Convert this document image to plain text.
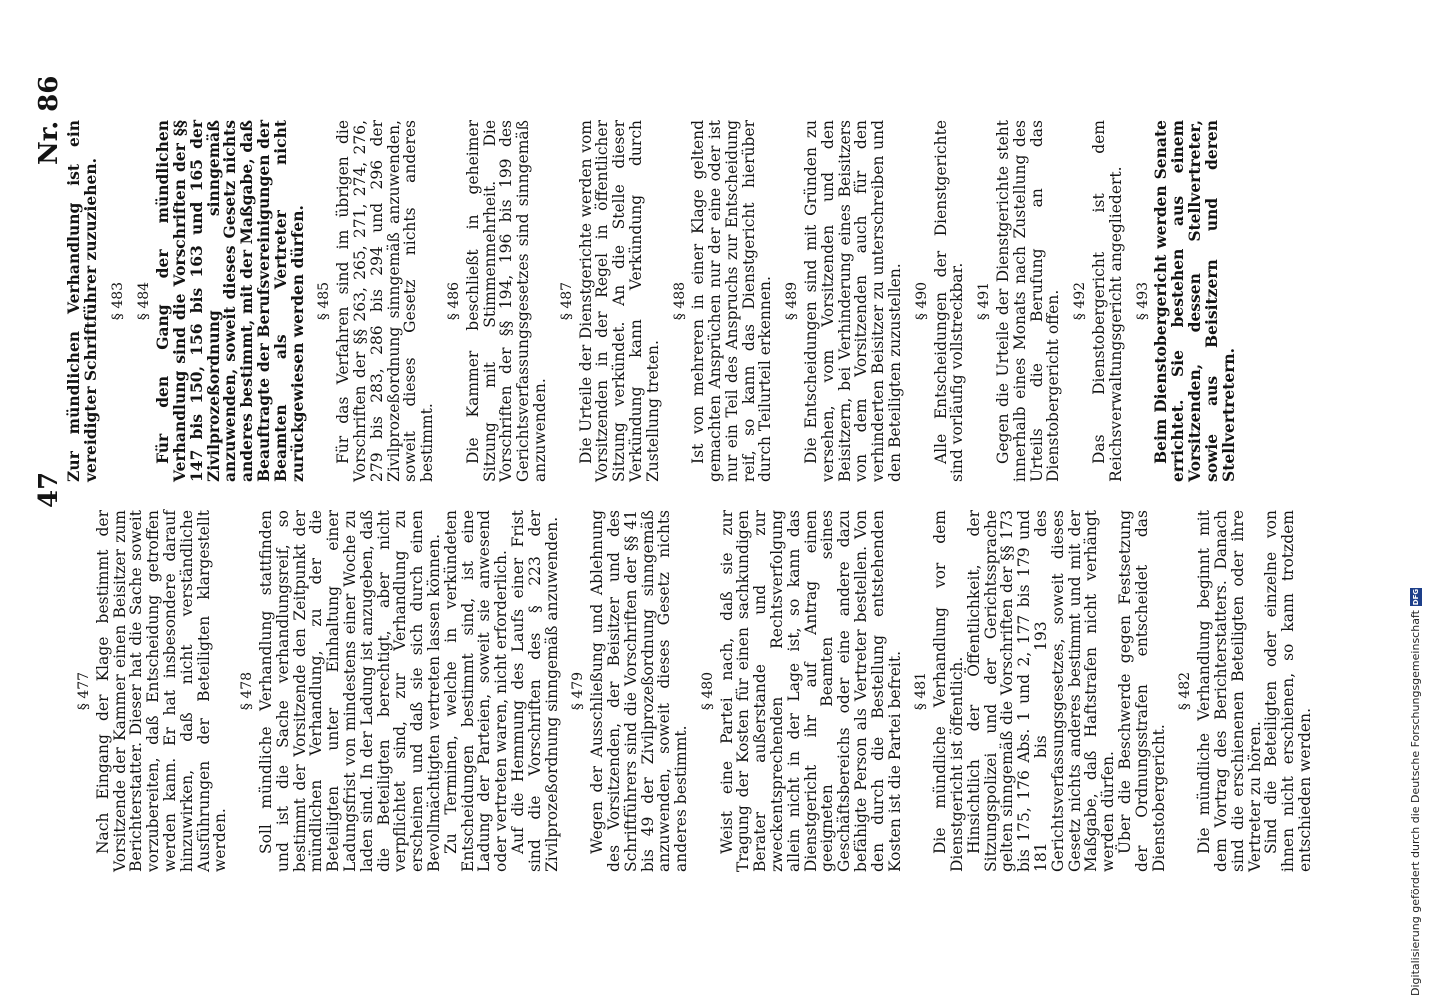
47
Nr. 86
§ 477 Nach Eingang der Klage bestimmt der Vorsitzende der Kammer einen Beisitzer zum Berichterstatter. Dieser hat die Sache soweit vorzubereiten, daß Entscheidung getroffen werden kann. Er hat insbesondere darauf hinzuwirken, daß nicht verständliche Ausführungen der Beteiligten klargestellt werden.

§ 478 Soll mündliche Verhandlung stattfinden und ist die Sache verhandlungsreif, so bestimmt der Vorsitzende den Zeitpunkt der mündlichen Verhandlung, zu der die Beteiligten unter Einhaltung einer Ladungsfrist von mindestens einer Woche zu laden sind. In der Ladung ist anzugeben, daß die Beteiligten berechtigt, aber nicht verpflichtet sind, zur Verhandlung zu erscheinen und daß sie sich durch einen Bevollmächtigten vertreten lassen können.

Zu Terminen, welche in verkündeten Entscheidungen bestimmt sind, ist eine Ladung der Parteien, soweit sie anwesend oder vertreten waren, nicht erforderlich.

Auf die Hemmung des Laufs einer Frist sind die Vorschriften des § 223 der Zivilprozeßordnung sinngemäß anzuwenden. § 479 Wegen der Ausschließung und Ablehnung des Vorsitzenden, der Beisitzer und des Schriftführers sind die Vorschriften der §§ 41 bis 49 der Zivilprozeßordnung sinngemäß anzuwenden, soweit dieses Gesetz nichts anderes bestimmt.

§ 480 Weist eine Partei nach, daß sie zur Tragung der Kosten für einen sachkundigen Berater außerstande und zur zweckentsprechenden Rechtsverfolgung allein nicht in der Lage ist, so kann das Dienstgericht ihr auf Antrag einen geeigneten Beamten seines Geschäftsbereichs oder eine andere dazu befähigte Person als Vertreter bestellen. Von den durch die Bestellung entstehenden Kosten ist die Partei befreit. § 481 Die mündliche Verhandlung vor dem Dienstgericht ist öffentlich.

Hinsichtlich der Öffentlichkeit, der Sitzungspolizei und der Gerichtssprache gelten sinngemäß die Vorschriften der §§ 173 bis 175, 176 Abs. 1 und 2, 177 bis 179 und 181 bis 193 des Gerichtsverfassungsgesetzes, soweit dieses Gesetz nichts anderes bestimmt und mit der Maßgabe, daß Haftstrafen nicht verhängt werden dürfen.

Über die Beschwerde gegen Festsetzung der Ordnungsstrafen entscheidet das Dienstobergericht.

§ 482 Die mündliche Verhandlung beginnt mit dem Vortrag des Berichterstatters. Danach sind die erschienenen Beteiligten oder ihre Vertreter zu hören.

Sind die Beteiligten oder einzelne von ihnen nicht erschienen, so kann trotzdem entschieden werden.

Zur mündlichen Verhandlung ist ein vereidigter Schriftführer zuzuziehen. § 483 § 484 Für den Gang der mündlichen Verhandlung sind die Vorschriften der §§ 147 bis 150, 156 bis 163 und 165 der Zivilprozeßordnung sinngemäß anzuwenden, soweit dieses Gesetz nichts anderes bestimmt, mit der Maßgabe, daß Beauftragte der Berufsvereinigungen der Beamten als Vertreter nicht zurückgewiesen werden dürfen. § 485 Für das Verfahren sind im übrigen die Vorschriften der §§ 263, 265, 271, 274, 276, 279 bis 283, 286 bis 294 und 296 der Zivilprozeßordnung sinngemäß anzuwenden, soweit dieses Gesetz nichts anderes bestimmt.

§ 486 Die Kammer beschließt in geheimer Sitzung mit Stimmenmehrheit. Die Vorschriften der §§ 194, 196 bis 199 des Gerichtsverfassungsgesetzes sind sinngemäß anzuwenden.

§ 487 Die Urteile der Dienstgerichte werden vom Vorsitzenden in der Regel in öffentlicher Sitzung verkündet. An die Stelle dieser Verkündung kann Verkündung durch Zustellung treten.

§ 488 Ist von mehreren in einer Klage geltend gemachten Ansprüchen nur der eine oder ist nur ein Teil des Anspruchs zur Entscheidung reif, so kann das Dienstgericht hierüber durch Teilurteil erkennen. § 489 Die Entscheidungen sind mit Gründen zu versehen, vom Vorsitzenden und den Beisitzern, bei Verhinderung eines Beisitzers von dem Vorsitzenden auch für den verhinderten Beisitzer zu unterschreiben und den Beteiligten zuzustellen. § 490 Alle Entscheidungen der Dienstgerichte sind vorläufig vollstreckbar. § 491 Gegen die Urteile der Dienstgerichte steht innerhalb eines Monats nach Zustellung des Urteils die Berufung an das Dienstobergericht offen. § 492 Das Dienstobergericht ist dem Reichsverwaltungsgericht angegliedert. § 493 Beim Dienstobergericht werden Senate errichtet. Sie bestehen aus einem Vorsitzenden, dessen Stellvertreter, sowie aus Beisitzern und deren Stellvertretern.

Digitalisierung gefördert durch die Deutsche Forschungsgemeinschaft
DFG
